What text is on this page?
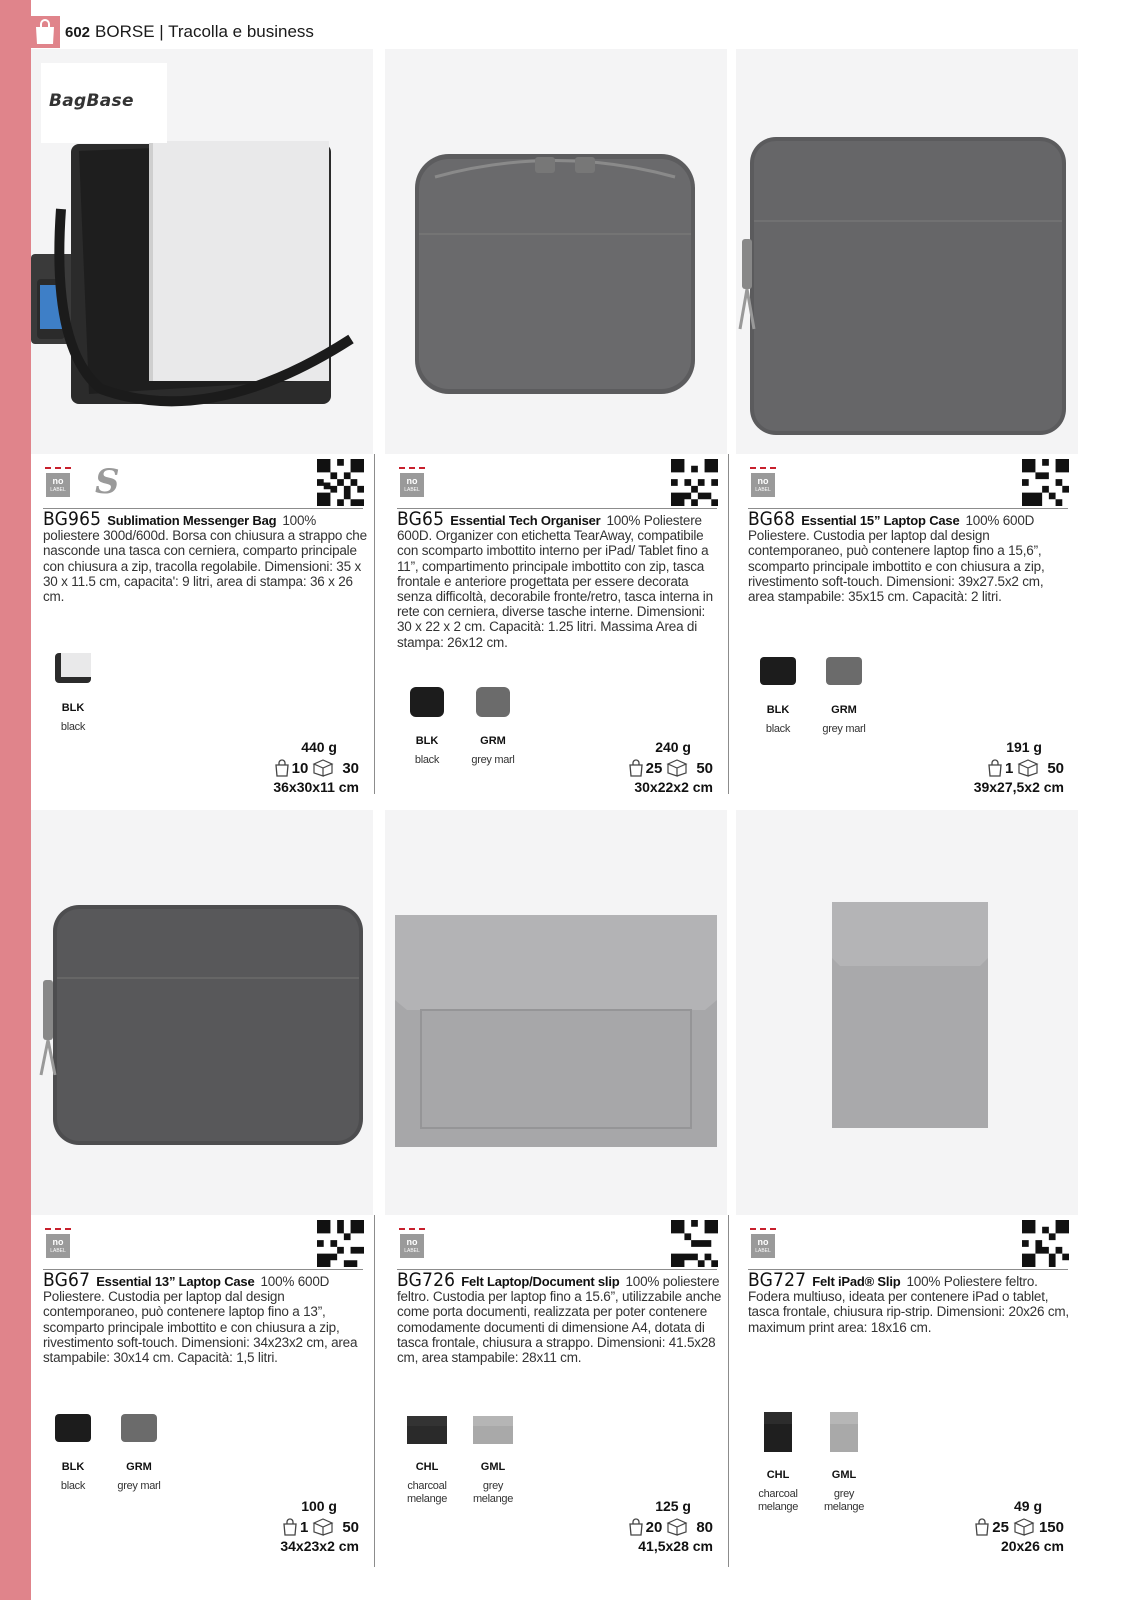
602 BORSE | Tracolla e business
BagBase
no
LABEL S
BG965 Sublimation Messenger Bag 100% poliestere 300d/600d. Borsa con chiusura a strappo che nasconde una tasca con cerniera, comparto principale con chiusura a zip, tracolla regolabile. Dimensioni: 35 x 30 x 11.5 cm, capacita': 9 litri, area di stampa: 36 x 26 cm.
BLK
black
440 g
10 30
36x30x11 cm
no
LABEL
BG65 Essential Tech Organiser 100% Poliestere 600D. Organizer con etichetta TearAway, compatibile con scomparto imbottito interno per iPad/ Tablet fino a 11”, compartimento principale imbottito con zip, tasca frontale e anteriore progettata per essere decorata senza difficoltà, decorabile fronte/retro, tasca interna in rete con cerniera, diverse tasche interne. Dimensioni: 30 x 22 x 2 cm. Capacità: 1.25 litri. Massima Area di stampa: 26x12 cm.
BLK
black
GRM
grey marl
240 g
25 50
30x22x2 cm
no
LABEL
BG68 Essential 15” Laptop Case 100% 600D Poliestere. Custodia per laptop dal design contemporaneo, può contenere laptop fino a 15,6”, scomparto principale imbottito e con chiusura a zip, rivestimento soft-touch. Dimensioni: 39x27.5x2 cm, area stampabile: 35x15 cm. Capacità: 2 litri.
BLK
black
GRM
grey marl
191 g
1 50
39x27,5x2 cm
no
LABEL
BG67 Essential 13” Laptop Case 100% 600D Poliestere. Custodia per laptop dal design contemporaneo, può contenere laptop fino a 13”, scomparto principale imbottito e con chiusura a zip, rivestimento soft-touch. Dimensioni: 34x23x2 cm, area stampabile: 30x14 cm. Capacità: 1,5 litri.
BLK
black
GRM
grey marl
100 g
1 50
34x23x2 cm
no
LABEL
BG726 Felt Laptop/Document slip 100% poliestere feltro. Custodia per laptop fino a 15.6”, utilizzabile anche come porta documenti, realizzata per poter contenere comodamente documenti di dimensione A4, dotata di tasca frontale, chiusura a strappo. Dimensioni: 41.5x28 cm, area stampabile: 28x11 cm.
CHL
charcoal melange
GML
grey melange	125 g
20 80
41,5x28 cm
no
LABEL
BG727 Felt iPad® Slip 100% Poliestere feltro. Fodera multiuso, ideata per contenere iPad o tablet, tasca frontale, chiusura rip-strip. Dimensioni: 20x26 cm, maximum print area: 18x16 cm.
CHL
charcoal melange
GML
grey melange	49 g
25 150
20x26 cm
